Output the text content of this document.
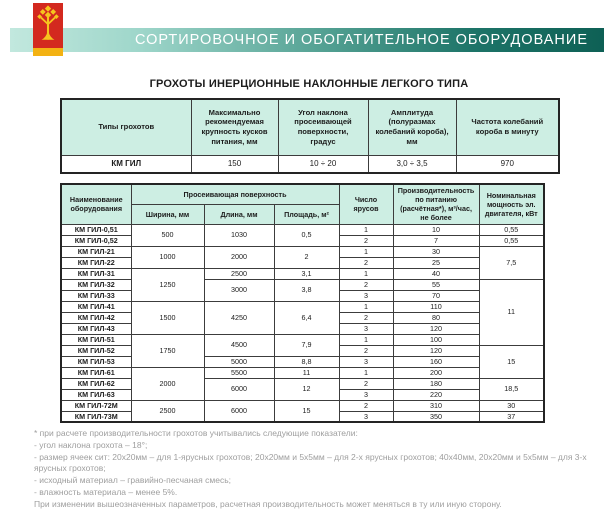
СОРТИРОВОЧНОЕ И ОБОГАТИТЕЛЬНОЕ ОБОРУДОВАНИЕ
ГРОХОТЫ ИНЕРЦИОННЫЕ НАКЛОННЫЕ ЛЕГКОГО ТИПА
Типы грохотов	Максимально рекомендуемая крупность кусков питания, мм	Угол наклона просеивающей поверхности, градус	Амплитуда (полуразмах колебаний короба), мм	Частота колебаний короба в минуту
КМ ГИЛ	150	10 ÷ 20	3,0 ÷ 3,5	970
Наименование оборудования	Просеивающая поверхность			Число ярусов	Производительность по питанию (расчётная*), м³/час, не более	Номинальная мощность эл. двигателя, кВт
	Ширина, мм	Длина, мм	Площадь, м²			
КМ ГИЛ-0,51	500	1030	0,5	1	10	0,55
КМ ГИЛ-0,52				2	7	0,55
КМ ГИЛ-21	1000	2000	2	1	30	7,5
КМ ГИЛ-22				2	25	
КМ ГИЛ-31	1250	2500	3,1	1	40	
КМ ГИЛ-32		3000	3,8	2	55	11
КМ ГИЛ-33				3	70	
КМ ГИЛ-41	1500	4250	6,4	1	110	
КМ ГИЛ-42				2	80	
КМ ГИЛ-43				3	120	
КМ ГИЛ-51	1750	4500	7,9	1	100	
КМ ГИЛ-52				2	120	15
КМ ГИЛ-53		5000	8,8	3	160	
КМ ГИЛ-61	2000	5500	11	1	200	
КМ ГИЛ-62		6000	12	2	180	18,5
КМ ГИЛ-63				3	220	
КМ ГИЛ-72М	2500	6000	15	2	310	30
КМ ГИЛ-73М				3	350	37
* при расчете производительности грохотов учитывались следующие показатели:
- угол наклона грохота – 18°;
- размер ячеек сит: 20х20мм – для 1-ярусных грохотов; 20х20мм и 5х5мм – для 2-х ярусных грохотов; 40х40мм, 20х20мм и 5х5мм – для 3-х ярусных грохотов;
- исходный материал – гравийно-песчаная смесь;
- влажность материала – менее 5%.
При изменении вышеозначенных параметров, расчетная производительность может меняться в ту или иную сторону.
